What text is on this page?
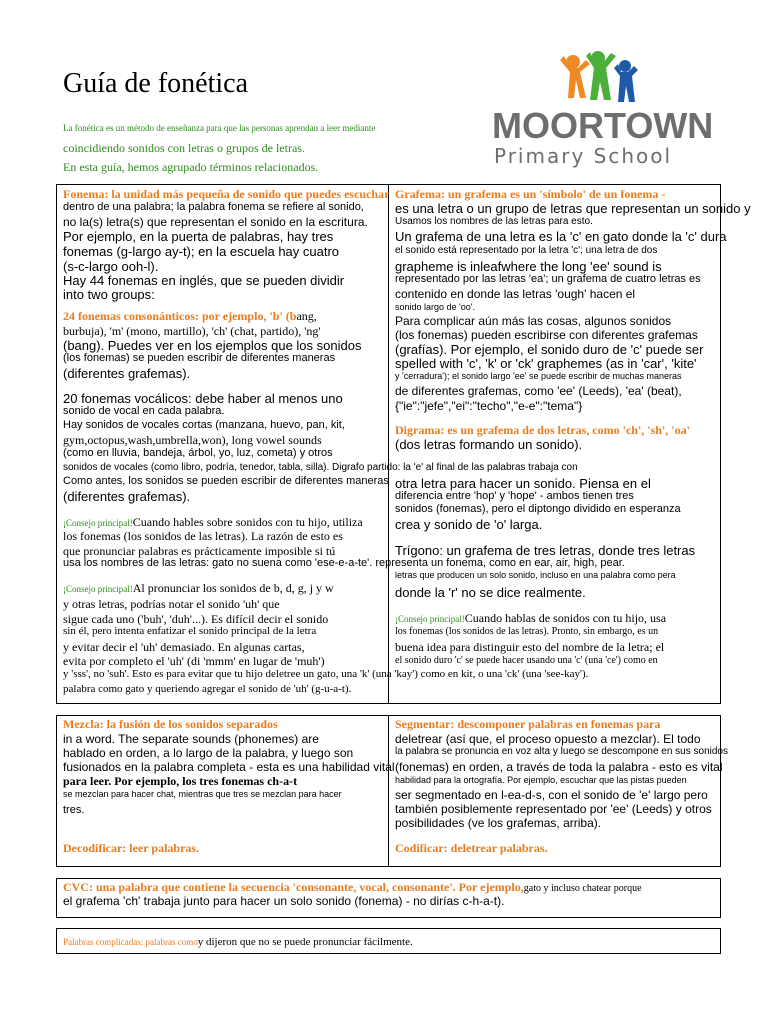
Guía de fonética
La fonética es un método de enseñanza para que las personas aprendan a leer mediante
coincidiendo sonidos con letras o grupos de letras.
En esta guía, hemos agrupado términos relacionados.
MOORTOWN
Primary School
Fonema: la unidad más pequeña de sonido que puedes escuchar
dentro de una palabra; la palabra fonema se refiere al sonido,
no la(s) letra(s) que representan el sonido en la escritura.
Por ejemplo, en la puerta de palabras, hay tres
fonemas (g-largo ay-t); en la escuela hay cuatro
(s-c-largo ooh-l).
Hay 44 fonemas en inglés, que se pueden dividir
into two groups:
24 fonemas consonánticos: por ejemplo, 'b' (bang,
burbuja), 'm' (mono, martillo), 'ch' (chat, partido), 'ng'
(bang). Puedes ver en los ejemplos que los sonidos
(los fonemas) se pueden escribir de diferentes maneras
(diferentes grafemas).
20 fonemas vocálicos: debe haber al menos uno
sonido de vocal en cada palabra.
Hay sonidos de vocales cortas (manzana, huevo, pan, kit,
gym,octopus,wash,umbrella,won), long vowel sounds
(como en lluvia, bandeja, árbol, yo, luz, cometa) y otros
sonidos de vocales (como libro, podría, tenedor, tabla, silla). Digrafo partido: la 'e' al final de las palabras trabaja con
Como antes, los sonidos se pueden escribir de diferentes maneras
(diferentes grafemas).
¡Consejo principal!Cuando hables sobre sonidos con tu hijo, utiliza
los fonemas (los sonidos de las letras). La razón de esto es
que pronunciar palabras es prácticamente imposible si tú
usa los nombres de las letras: gato no suena como 'ese-e-a-te'. representa un fonema, como en ear, air, high, pear.
¡Consejo principal!Al pronunciar los sonidos de b, d, g, j y w
y otras letras, podrías notar el sonido 'uh' que
sigue cada uno ('buh', 'duh'...). Es difícil decir el sonido
sin él, pero intenta enfatizar el sonido principal de la letra
y evitar decir el 'uh' demasiado. En algunas cartas,
evita por completo el 'uh' (di 'mmm' en lugar de 'muh')
y 'sss', no 'suh'. Esto es para evitar que tu hijo deletree un gato, una 'k' (una 'kay') como en kit, o una 'ck' (una 'see-kay').
palabra como gato y queriendo agregar el sonido de 'uh' (g-u-a-t).
Grafema: un grafema es un 'símbolo' de un fonema -
es una letra o un grupo de letras que representan un sonido y
Usamos los nombres de las letras para esto.
Un grafema de una letra es la 'c' en gato donde la 'c' dura
el sonido está representado por la letra 'c'; una letra de dos
grapheme is inleafwhere the long 'ee' sound is
representado por las letras 'ea'; un grafema de cuatro letras es
contenido en donde las letras 'ough' hacen el
sonido largo de 'oo'.
Para complicar aún más las cosas, algunos sonidos
(los fonemas) pueden escribirse con diferentes grafemas
(grafías). Por ejemplo, el sonido duro de 'c' puede ser
spelled with 'c', 'k' or 'ck' graphemes (as in 'car', 'kite'
y 'cerradura'); el sonido largo 'ee' se puede escribir de muchas maneras
de diferentes grafemas, como 'ee' (Leeds), 'ea' (beat),
{"ie":"jefe","ei":"techo","e-e":"tema"}
Digrama: es un grafema de dos letras, como 'ch', 'sh', 'oa'
(dos letras formando un sonido).
otra letra para hacer un sonido. Piensa en el
diferencia entre 'hop' y 'hope' - ambos tienen tres
sonidos (fonemas), pero el diptongo dividido en esperanza
crea y sonido de 'o' larga.
Trígono: un grafema de tres letras, donde tres letras
letras que producen un solo sonido, incluso en una palabra como pera
donde la 'r' no se dice realmente.
¡Consejo principal!Cuando hablas de sonidos con tu hijo, usa
los fonemas (los sonidos de las letras). Pronto, sin embargo, es un
buena idea para distinguir esto del nombre de la letra; el
el sonido duro 'c' se puede hacer usando una 'c' (una 'ce') como en
Mezcla: la fusión de los sonidos separados
in a word. The separate sounds (phonemes) are
hablado en orden, a lo largo de la palabra, y luego son
fusionados en la palabra completa - esta es una habilidad vital
para leer. Por ejemplo, los tres fonemas ch-a-t
se mezclan para hacer chat, mientras que tres se mezclan para hacer
tres.
Decodificar: leer palabras.
Segmentar: descomponer palabras en fonemas para
deletrear (así que, el proceso opuesto a mezclar). El todo
la palabra se pronuncia en voz alta y luego se descompone en sus sonidos
(fonemas) en orden, a través de toda la palabra - esto es vital
habilidad para la ortografía. Por ejemplo, escuchar que las pistas pueden
ser segmentado en l-ea-d-s, con el sonido de 'e' largo pero
también posiblemente representado por 'ee' (Leeds) y otros
posibilidades (ve los grafemas, arriba).
Codificar: deletrear palabras.
CVC: una palabra que contiene la secuencia 'consonante, vocal, consonante'. Por ejemplo,gato y incluso chatear porque
el grafema 'ch' trabaja junto para hacer un solo sonido (fonema) - no dirías c-h-a-t).
Palabras complicadas: palabras comoy dijeron que no se puede pronunciar fácilmente.
